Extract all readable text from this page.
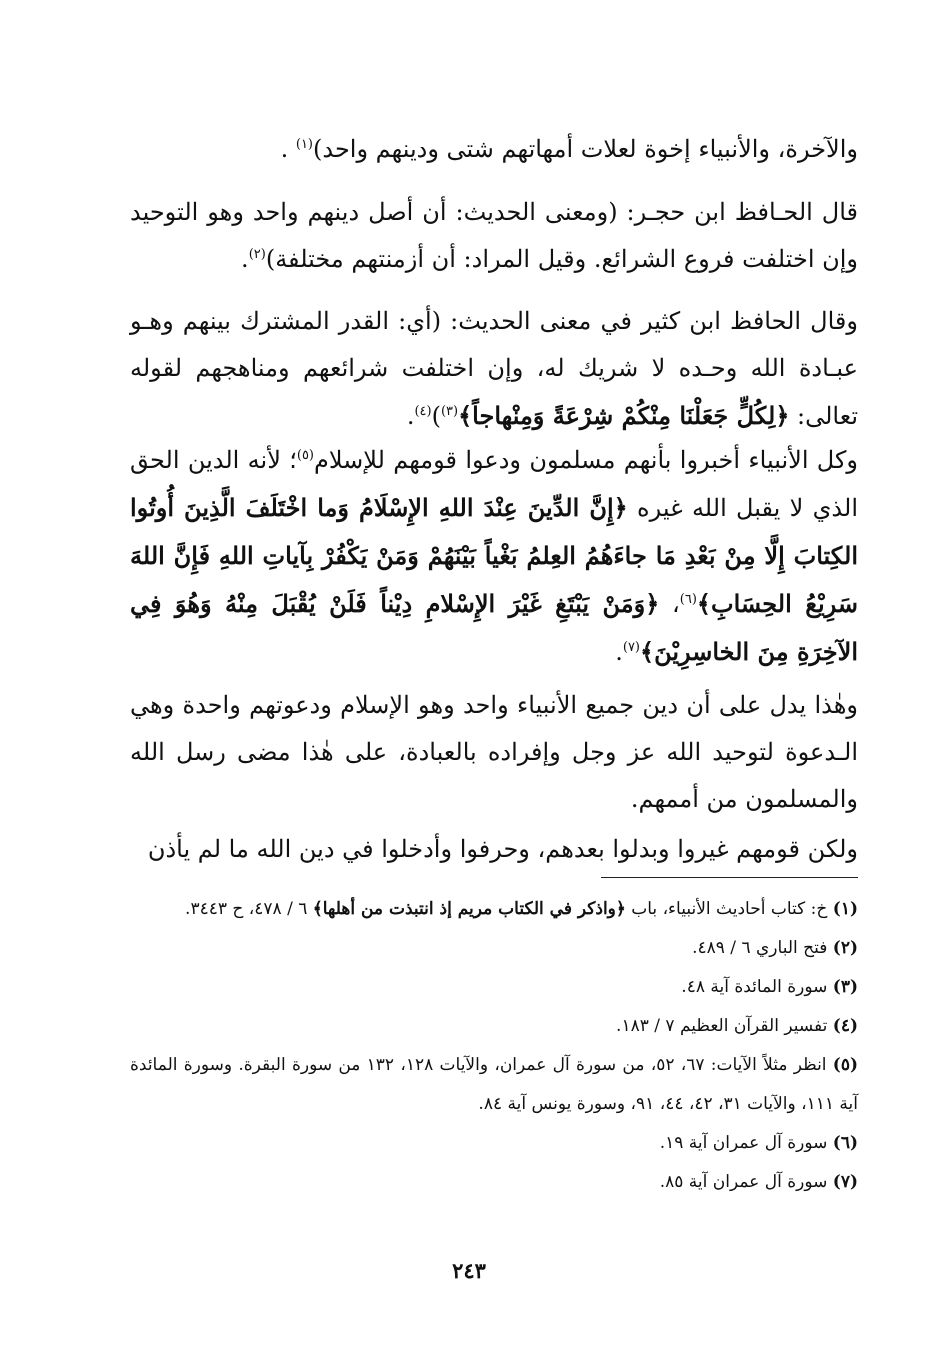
والآخرة، والأنبياء إخوة لعلات أمهاتهم شتى ودينهم واحد)$^{(١)}$ .

قال الحـافظ ابن حجـر: (ومعنى الحديث: أن أصل دينهم واحد وهو التوحيد وإن اختلفت فروع الشرائع. وقيل المراد: أن أزمنتهم مختلفة)$^{(٢)}$.

وقال الحافظ ابن كثير في معنى الحديث: (أي: القدر المشترك بينهم وهـو عبـادة الله وحـده لا شريك له، وإن اختلفت شرائعهم ومناهجهم لقوله تعالى: ﴿لِكُلٍّ جَعَلْنَا مِنْكُمْ شِرْعَةً وَمِنْهاجاً﴾$^{(٣)}$)$^{(٤)}$.

وكل الأنبياء أخبروا بأنهم مسلمون ودعوا قومهم للإسلام$^{(٥)}$؛ لأنه الدين الحق الذي لا يقبل الله غيره ﴿إِنَّ الدِّينَ عِنْدَ اللهِ الإِسْلَامُ وَما اخْتَلَفَ الَّذِينَ أُوتُوا الكِتابَ إِلَّا مِنْ بَعْدِ مَا جاءَهُمُ العِلمُ بَغْياً بَيْنَهُمْ وَمَنْ يَكْفُرْ بِآياتِ اللهِ فَإِنَّ اللهَ سَرِيْعُ الحِسَابِ﴾$^{(٦)}$، ﴿وَمَنْ يَبْتَغِ غَيْرَ الإِسْلامِ دِيْناً فَلَنْ يُقْبَلَ مِنْهُ وَهُوَ فِي الآخِرَةِ مِنَ الخاسِرِيْنَ﴾$^{(٧)}$.

وهٰذا يدل على أن دين جميع الأنبياء واحد وهو الإسلام ودعوتهم واحدة وهي الـدعوة لتوحيد الله عز وجل وإفراده بالعبادة، على هٰذا مضى رسل الله والمسلمون من أممهم.

ولكن قومهم غيروا وبدلوا بعدهم، وحرفوا وأدخلوا في دين الله ما لم يأذن

(١) خ: كتاب أحاديث الأنبياء، باب ﴿واذكر في الكتاب مريم إذ انتبذت من أهلها﴾ ٦ / ٤٧٨، ح ٣٤٤٣.

(٢) فتح الباري ٦ / ٤٨٩.

(٣) سورة المائدة آية ٤٨.

(٤) تفسير القرآن العظيم ٧ / ١٨٣.

(٥) انظر مثلاً الآيات: ٦٧، ٥٢، من سورة آل عمران، والآيات ١٢٨، ١٣٢ من سورة البقرة. وسورة المائدة آية ١١١، والآيات ٣١، ٤٢، ٤٤، ٩١، وسورة يونس آية ٨٤.

(٦) سورة آل عمران آية ١٩.

(٧) سورة آل عمران آية ٨٥.

٢٤٣
